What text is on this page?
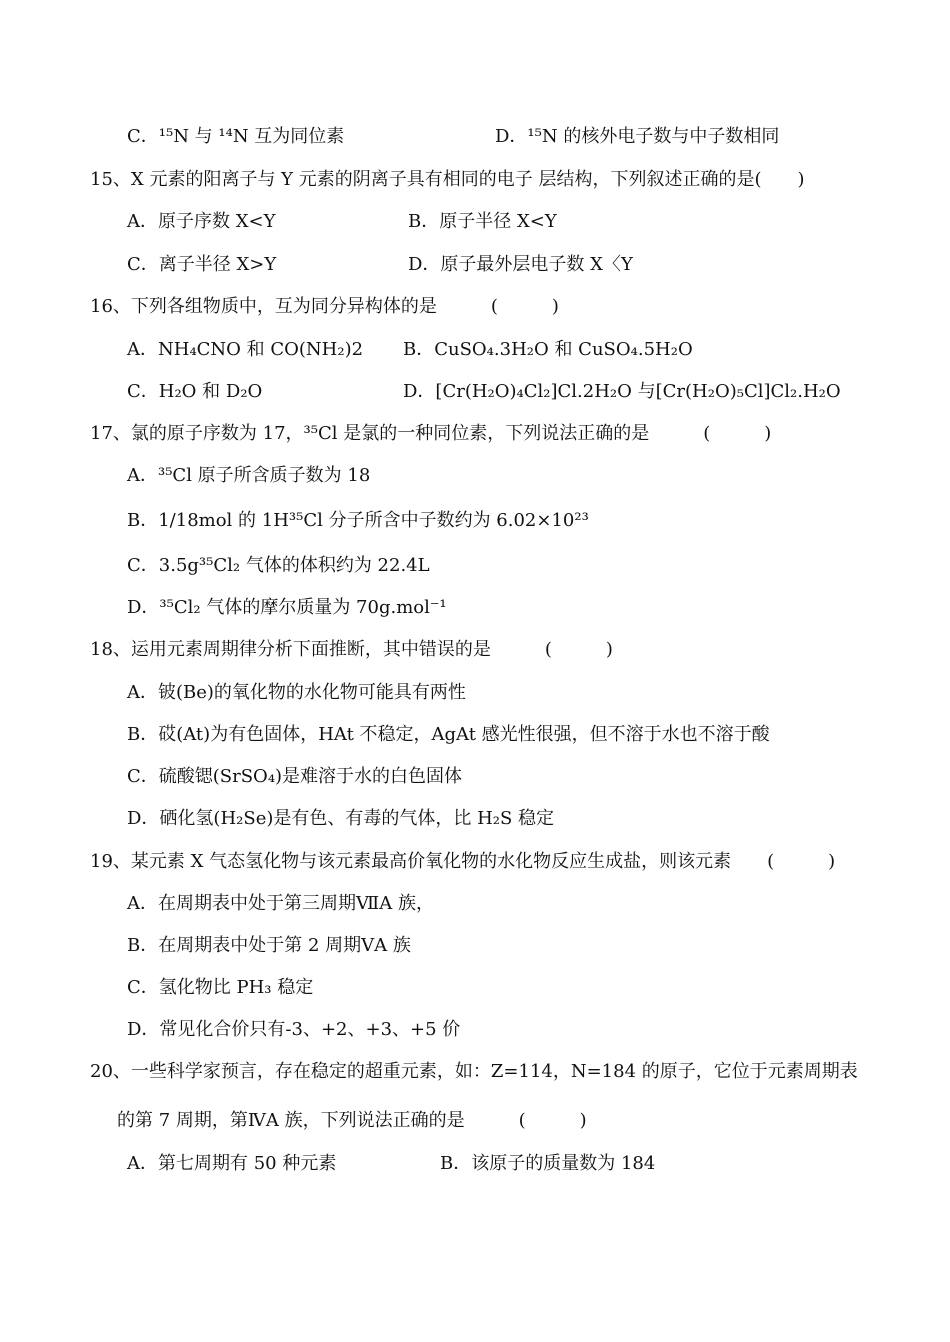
C．¹⁵N 与 ¹⁴N 互为同位素	D．¹⁵N 的核外电子数与中子数相同
15、X 元素的阳离子与 Y 元素的阴离子具有相同的电子 层结构，下列叙述正确的是(　　)
A．原子序数 X<Y	B．原子半径 X<Y
C．离子半径 X>Y	D．原子最外层电子数 X〈Y
16、下列各组物质中，互为同分异构体的是　　　(　　　)
A．NH₄CNO 和 CO(NH₂)2 B．CuSO₄.3H₂O 和 CuSO₄.5H₂O
C．H₂O 和 D₂O	D．[Cr(H₂O)₄Cl₂]Cl.2H₂O 与[Cr(H₂O)₅Cl]Cl₂.H₂O
17、氯的原子序数为 17，³⁵Cl 是氯的一种同位素，下列说法正确的是　　　(　　　)
A．³⁵Cl 原子所含质子数为 18
B．1/18mol 的 1H³⁵Cl 分子所含中子数约为 6.02×10²³
C．3.5g³⁵Cl₂ 气体的体积约为 22.4L
D．³⁵Cl₂ 气体的摩尔质量为 70g.mol⁻¹
18、运用元素周期律分析下面推断，其中错误的是　　　(　　　)
A．铍(Be)的氧化物的水化物可能具有两性
B．砹(At)为有色固体，HAt 不稳定，AgAt 感光性很强，但不溶于水也不溶于酸
C．硫酸锶(SrSO₄)是难溶于水的白色固体
D．硒化氢(H₂Se)是有色、有毒的气体，比 H₂S 稳定
19、某元素 X 气态氢化物与该元素最高价氧化物的水化物反应生成盐，则该元素　　(　　　)
A．在周期表中处于第三周期ⅦA 族，
B．在周期表中处于第 2 周期ⅤA 族
C．氢化物比 PH₃ 稳定
D．常见化合价只有-3、+2、+3、+5 价
20、一些科学家预言，存在稳定的超重元素，如：Z=114，N=184 的原子，它位于元素周期表
的第 7 周期，第ⅣA 族，下列说法正确的是　　　(　　　)
A．第七周期有 50 种元素	B．该原子的质量数为 184
